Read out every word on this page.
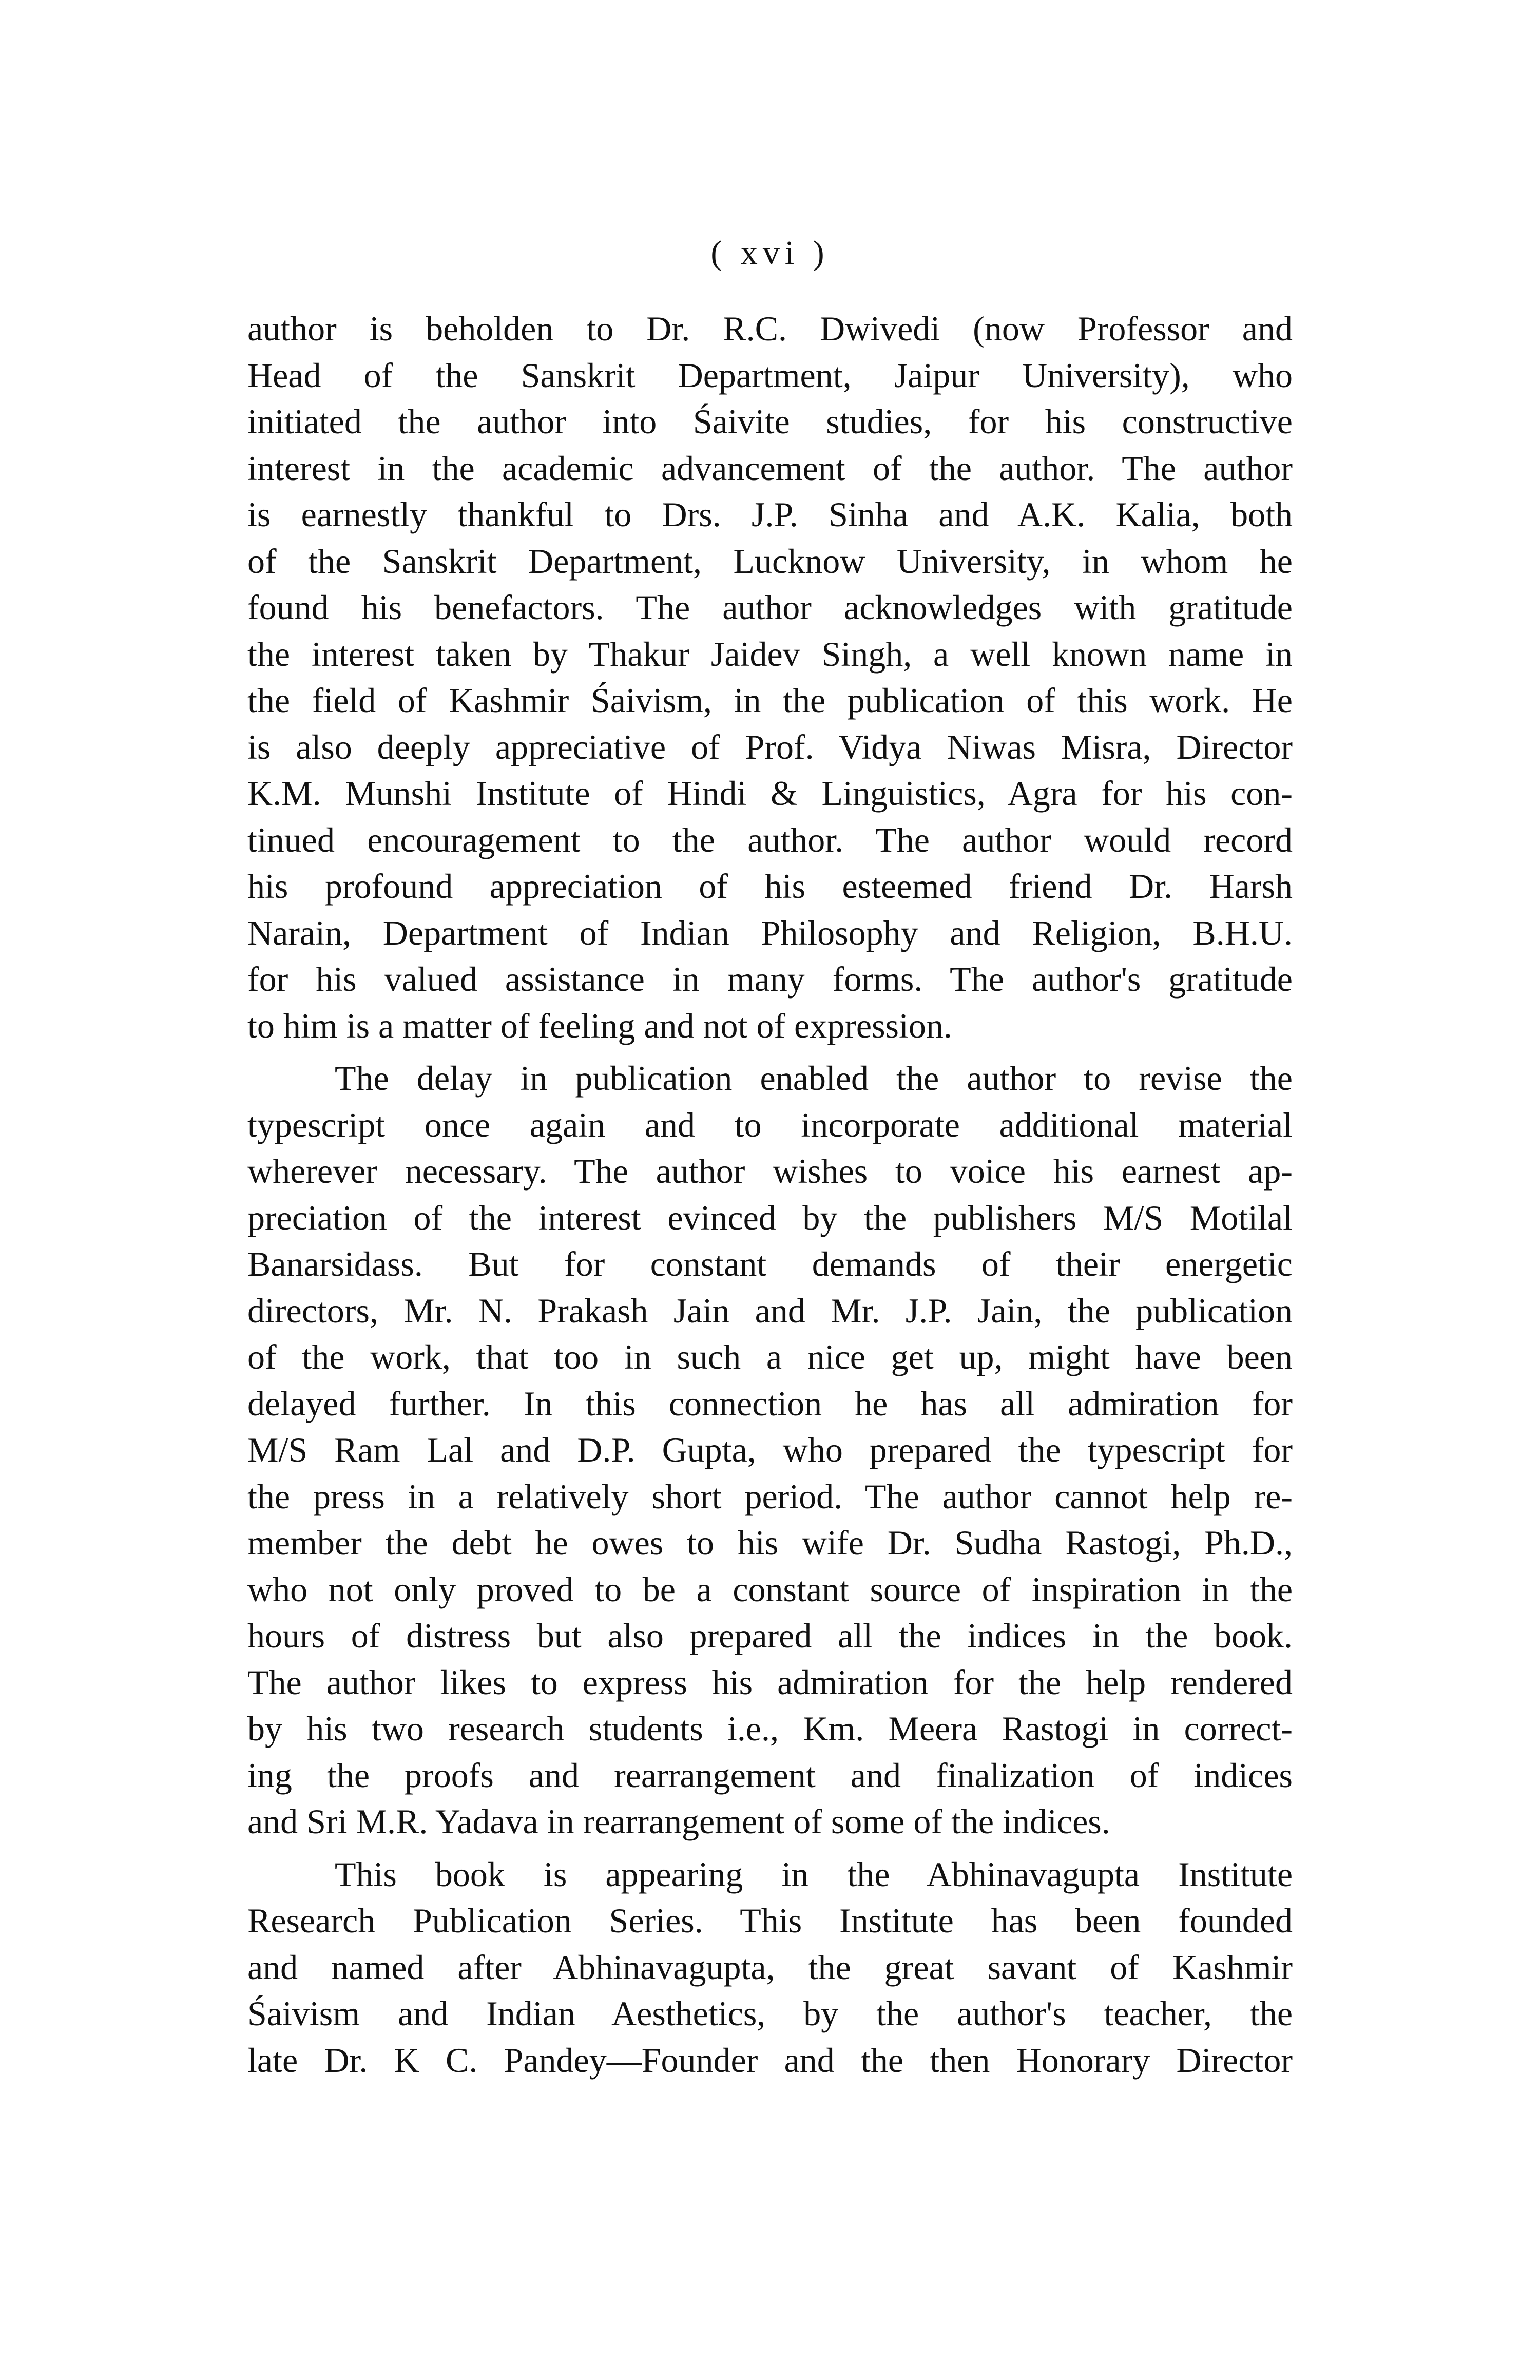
( xvi )
author is beholden to Dr. R.C. Dwivedi (now Professor and
Head of the Sanskrit Department, Jaipur University), who
initiated the author into Śaivite studies, for his constructive
interest in the academic advancement of the author. The author
is earnestly thankful to Drs. J.P. Sinha and A.K. Kalia, both
of the Sanskrit Department, Lucknow University, in whom he
found his benefactors. The author acknowledges with gratitude
the interest taken by Thakur Jaidev Singh, a well known name in
the field of Kashmir Śaivism, in the publication of this work. He
is also deeply appreciative of Prof. Vidya Niwas Misra, Director
K.M. Munshi Institute of Hindi & Linguistics, Agra for his con-
tinued encouragement to the author. The author would record
his profound appreciation of his esteemed friend Dr. Harsh
Narain, Department of Indian Philosophy and Religion, B.H.U.
for his valued assistance in many forms. The author's gratitude
to him is a matter of feeling and not of expression.
The delay in publication enabled the author to revise the
typescript once again and to incorporate additional material
wherever necessary. The author wishes to voice his earnest ap-
preciation of the interest evinced by the publishers M/S Motilal
Banarsidass. But for constant demands of their energetic
directors, Mr. N. Prakash Jain and Mr. J.P. Jain, the publication
of the work, that too in such a nice get up, might have been
delayed further. In this connection he has all admiration for
M/S Ram Lal and D.P. Gupta, who prepared the typescript for
the press in a relatively short period. The author cannot help re-
member the debt he owes to his wife Dr. Sudha Rastogi, Ph.D.,
who not only proved to be a constant source of inspiration in the
hours of distress but also prepared all the indices in the book.
The author likes to express his admiration for the help rendered
by his two research students i.e., Km. Meera Rastogi in correct-
ing the proofs and rearrangement and finalization of indices
and Sri M.R. Yadava in rearrangement of some of the indices.
This book is appearing in the Abhinavagupta Institute
Research Publication Series. This Institute has been founded
and named after Abhinavagupta, the great savant of Kashmir
Śaivism and Indian Aesthetics, by the author's teacher, the
late Dr. K C. Pandey—Founder and the then Honorary Director
